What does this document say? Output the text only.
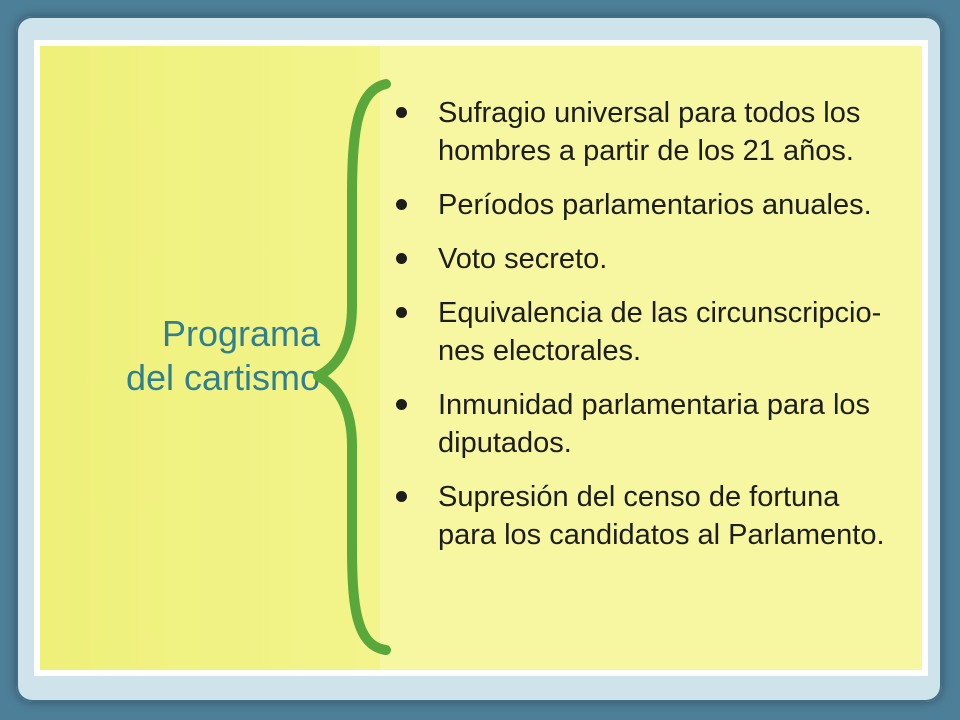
Programa
del cartismo
Sufragio universal para todos los
hombres a partir de los 21 años.
Períodos parlamentarios anuales.
Voto secreto.
Equivalencia de las circunscripcio-
nes electorales.
Inmunidad parlamentaria para los
diputados.
Supresión del censo de fortuna
para los candidatos al Parlamento.
